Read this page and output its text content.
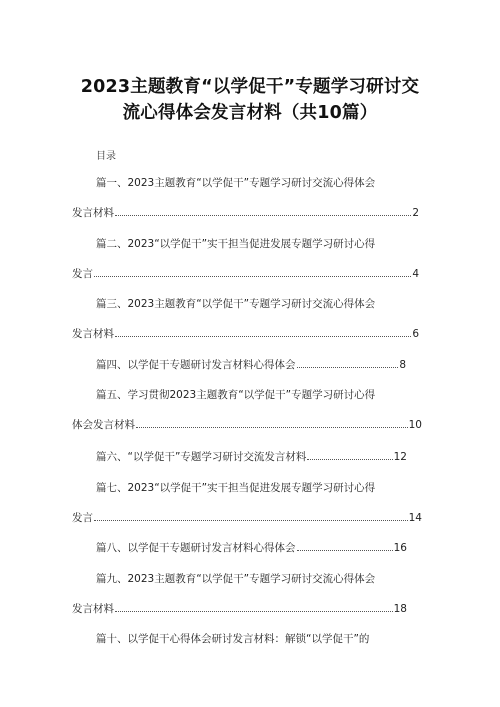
2023主题教育“以学促干”专题学习研讨交
流心得体会发言材料（共10篇）
目录
篇一、2023主题教育“以学促干”专题学习研讨交流心得体会
发言材料	2
篇二、2023“以学促干”实干担当促进发展专题学习研讨心得
发言	4
篇三、2023主题教育“以学促干”专题学习研讨交流心得体会
发言材料	6
篇四、以学促干专题研讨发言材料心得体会	8
篇五、学习贯彻2023主题教育“以学促干”专题学习研讨心得
体会发言材料	10
篇六、“以学促干”专题学习研讨交流发言材料	12
篇七、2023“以学促干”实干担当促进发展专题学习研讨心得
发言	14
篇八、以学促干专题研讨发言材料心得体会	16
篇九、2023主题教育“以学促干”专题学习研讨交流心得体会
发言材料	18
篇十、以学促干心得体会研讨发言材料：解锁“以学促干”的
